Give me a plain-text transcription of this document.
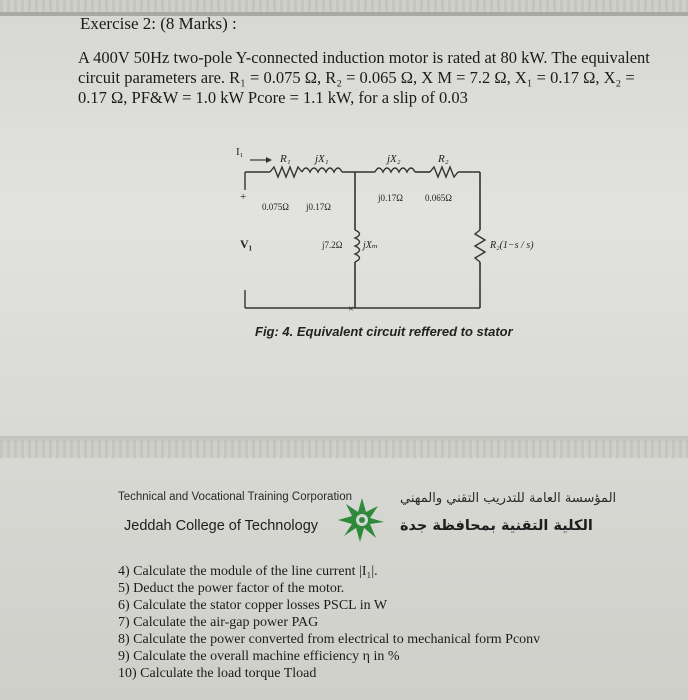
Exercise 2: (8 Marks) :
A 400V 50Hz two-pole Y-connected induction motor is rated at 80 kW. The equivalent
circuit parameters are. R₁ = 0.075 Ω, R₂ = 0.065 Ω, X M = 7.2 Ω, X₁ = 0.17 Ω, X₂ =
0.17 Ω, PF&W = 1.0 kW Pcore = 1.1 kW, for a slip of 0.03
I₁
+
V₁
R₁ jX₁	jX₂	R₂
0.075Ω j0.17Ω
j0.17Ω 0.065Ω
j7.2Ω jXₘ	R₂(1−s / s)
×
Fig: 4. Equivalent circuit reffered to stator
Technical and Vocational Training Corporation
Jeddah College of Technology
المؤسسة العامة للتدريب التقني والمهني
الكلية التقنية بمحافظة جدة
4) Calculate the module of the line current |I₁|.
5) Deduct the power factor of the motor.
6) Calculate the stator copper losses PSCL in W
7) Calculate the air-gap power PAG
8) Calculate the power converted from electrical to mechanical form Pconv
9) Calculate the overall machine efficiency η in %
10) Calculate the load torque Tload
